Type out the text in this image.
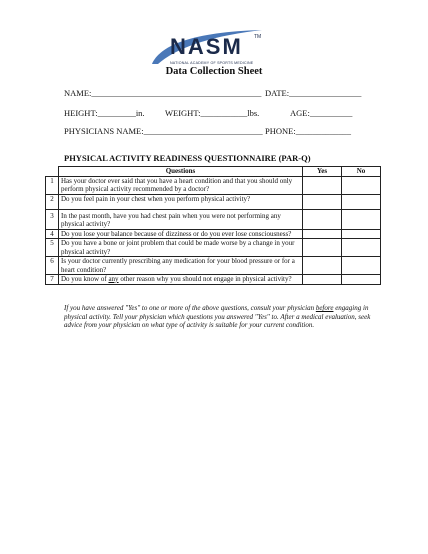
NASM TM
NATIONAL ACADEMY OF SPORTS MEDICINE
Data Collection Sheet
NAME:________________________________________ DATE:_________________
HEIGHT:_________in. WEIGHT:___________lbs.	AGE:__________
PHYSICIANS NAME:____________________________ PHONE:_____________
PHYSICAL ACTIVITY READINESS QUESTIONNAIRE (PAR-Q)
	Questions	Yes	No
1	Has your doctor ever said that you have a heart condition and that you should only perform physical activity recommended by a doctor?		
2	Do you feel pain in your chest when you perform physical activity?		
3	In the past month, have you had chest pain when you were not performing any physical activity?		
4	Do you lose your balance because of dizziness or do you ever lose consciousness?		
5	Do you have a bone or joint problem that could be made worse by a change in your physical activity?		
6	Is your doctor currently prescribing any medication for your blood pressure or for a heart condition?		
7	Do you know of any other reason why you should not engage in physical activity?		
If you have answered "Yes" to one or more of the above questions, consult your physician before engaging in physical activity. Tell your physician which questions you answered "Yes" to. After a medical evaluation, seek advice from your physician on what type of activity is suitable for your current condition.
